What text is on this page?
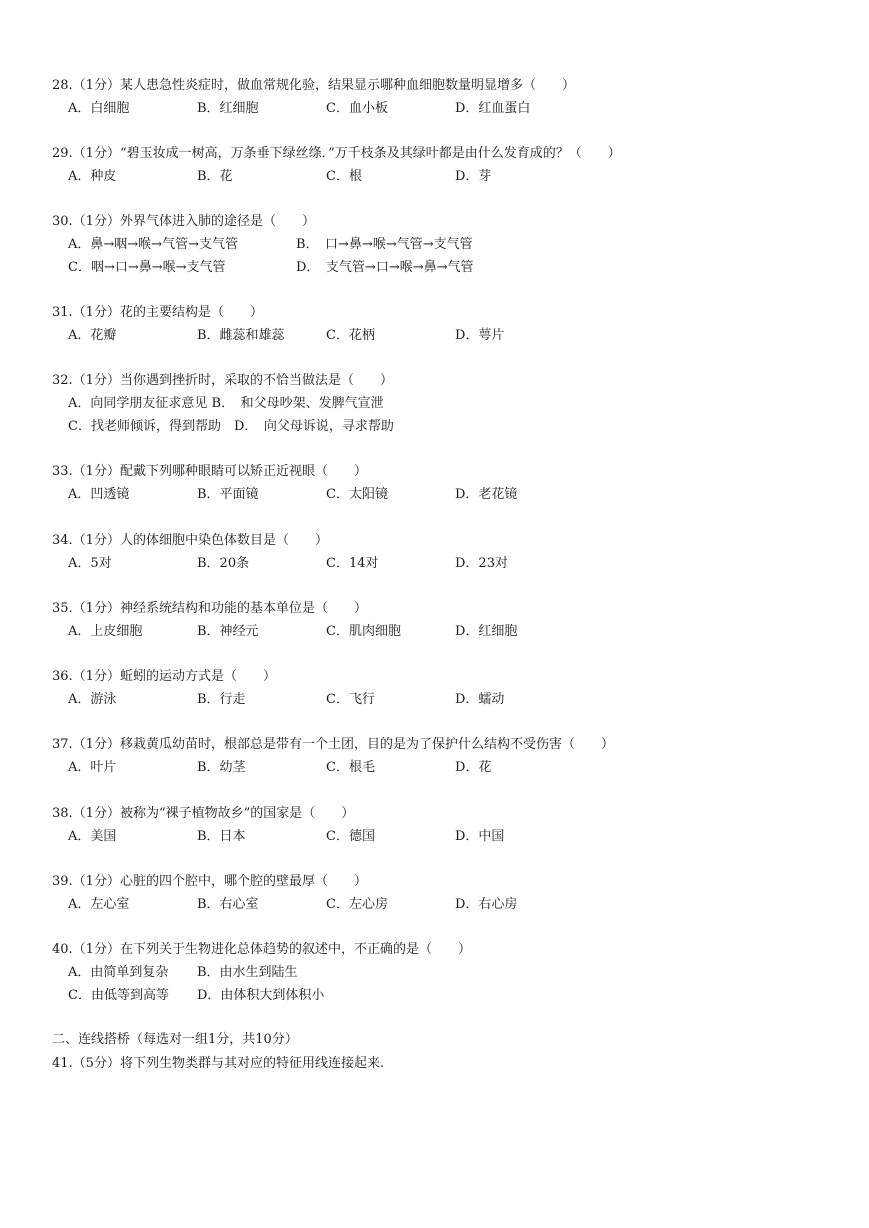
28.（1分）某人患急性炎症时，做血常规化验，结果显示哪种血细胞数量明显增多（　　）
A．白细胞	B．红细胞	C．血小板	D．红血蛋白
29.（1分）“碧玉妆成一树高，万条垂下绿丝绦．”万千枝条及其绿叶都是由什么发育成的？（　　）
A．种皮	B．花	C．根	D．芽
30.（1分）外界气体进入肺的途径是（　　）
A．鼻→咽→喉→气管→支气管	B．　口→鼻→喉→气管→支气管
C．咽→口→鼻→喉→支气管	D．　支气管→口→喉→鼻→气管
31.（1分）花的主要结构是（　　）
A．花瓣	B．雌蕊和雄蕊	C．花柄	D．萼片
32.（1分）当你遇到挫折时，采取的不恰当做法是（　　）
A．向同学朋友征求意见 B．　和父母吵架、发脾气宣泄
C．找老师倾诉，得到帮助　D．　向父母诉说，寻求帮助
33.（1分）配戴下列哪种眼睛可以矫正近视眼（　　）
A．凹透镜	B．平面镜	C．太阳镜	D．老花镜
34.（1分）人的体细胞中染色体数目是（　　）
A．5对	B．20条	C．14对	D．23对
35.（1分）神经系统结构和功能的基本单位是（　　）
A．上皮细胞	B．神经元	C．肌肉细胞	D．红细胞
36.（1分）蚯蚓的运动方式是（　　）
A．游泳	B．行走	C．飞行	D．蠕动
37.（1分）移栽黄瓜幼苗时，根部总是带有一个土团，目的是为了保护什么结构不受伤害（　　）
A．叶片	B．幼茎	C．根毛	D．花
38.（1分）被称为“裸子植物故乡”的国家是（　　）
A．美国	B．日本	C．德国	D．中国
39.（1分）心脏的四个腔中，哪个腔的壁最厚（　　）
A．左心室	B．右心室	C．左心房	D．右心房
40.（1分）在下列关于生物进化总体趋势的叙述中，不正确的是（　　）
A．由简单到复杂 B．由水生到陆生
C．由低等到高等 D．由体积大到体积小
二、连线搭桥（每选对一组1分，共10分）
41.（5分）将下列生物类群与其对应的特征用线连接起来.
